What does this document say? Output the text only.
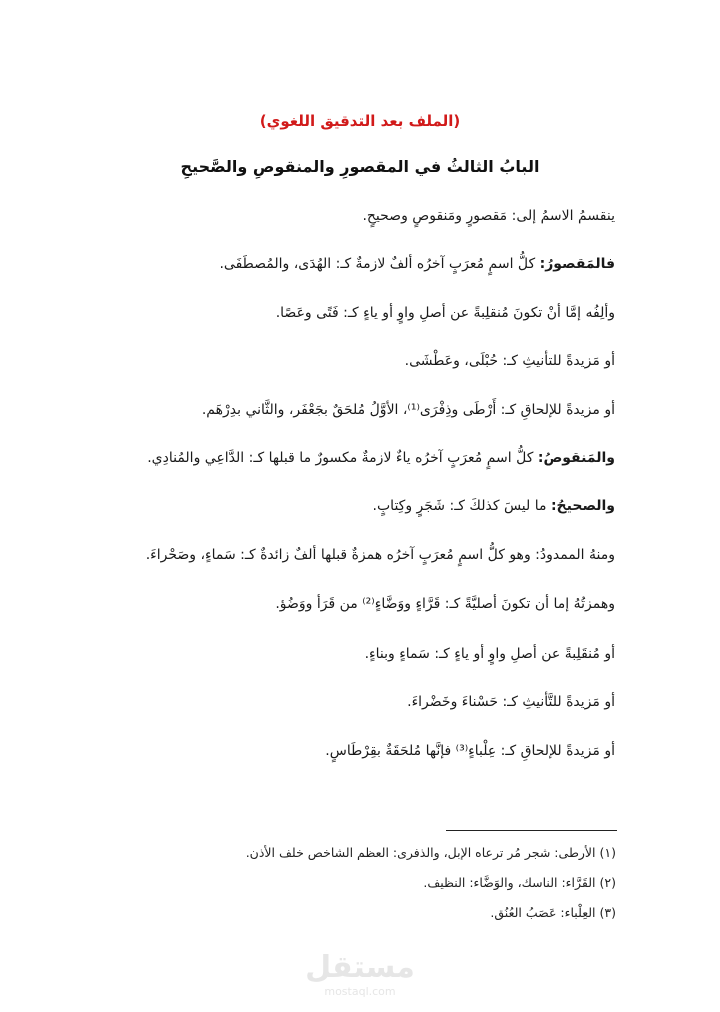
(الملف بعد التدقيق اللغوي)
البابُ الثالثُ في المقصورِ والمنقوصِ والصَّحيحِ
ينقسمُ الاسمُ إلى: مَقصورٍ ومَنقوصٍ وصحيحٍ.
فالمَقصورُ: كلُّ اسمٍ مُعرَبٍ آخرُه ألفٌ لازمةٌ كـ: الهُدَى، والمُصطَفَى.
وألِفُه إمَّا أنْ تكونَ مُنقلِبةً عن أصلِ واوٍ أو ياءٍ كـ: فَتًى وعَصًا.
أو مَزيدةً للتأنيثِ كـ: حُبْلَى، وعَطْشَى.
أو مزيدةً للإلحاقِ كـ: أَرْطَى وذِفْرَى⁽¹⁾، الأوَّلُ مُلحَقٌ بجَعْفَر، والثَّاني بدِرْهَم.
والمَنقوصُ: كلُّ اسمٍ مُعرَبٍ آخرُه ياءٌ لازمةٌ مكسورٌ ما قبلها كـ: الدَّاعِي والمُنادِي.
والصحيحُ: ما ليسَ كذلكَ كـ: شَجَرٍ وكِتابٍ.
ومنهُ الممدودُ: وهو كلُّ اسمٍ مُعرَبٍ آخرُه همزةٌ قبلها ألفٌ زائدةٌ كـ: سَماءٍ، وصَحْراءَ.
وهمزتُهُ إما أن تكونَ أصليَّةً كـ: قَرَّاءٍ ووَضَّاءٍ⁽²⁾ من قَرَأ ووَضُؤ.
أو مُنقَلِبةً عن أصلِ واوٍ أو ياءٍ كـ: سَماءٍ وبناءٍ.
أو مَزيدةً للتَّأنيثِ كـ: حَسْناءَ وخَضْراءَ.
أو مَزيدةً للإلحاقِ كـ: عِلْباءٍ⁽³⁾ فإنَّها مُلحَقَةٌ بقِرْطَاسٍ.
(١) الأرطى: شجر مُر ترعاه الإبل، والذفرى: العظم الشاخص خلف الأذن.
(٢) القَرَّاء: الناسك، والوَضَّاء: النظيف.
(٣) العِلْباء: عَصَبُ العُنُق.
مستقل
mostaql.com
